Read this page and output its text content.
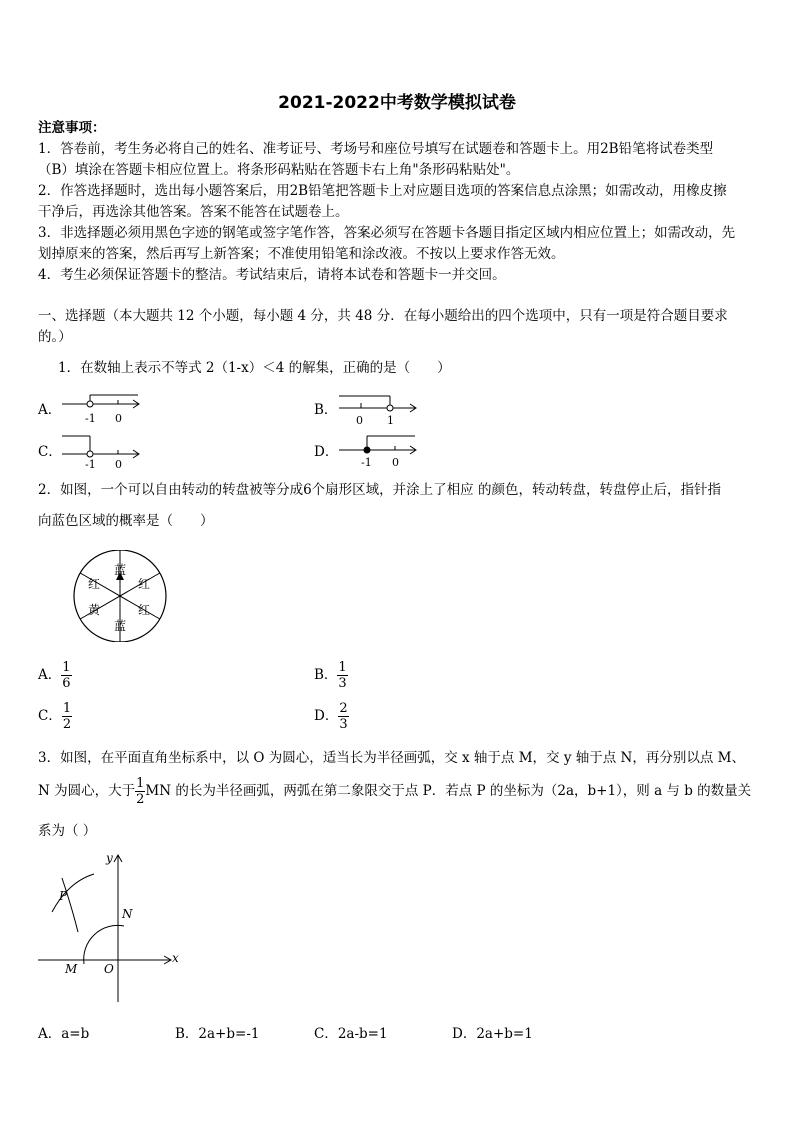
2021-2022中考数学模拟试卷
注意事项：
1．答卷前，考生务必将自己的姓名、准考证号、考场号和座位号填写在试题卷和答题卡上。用2B铅笔将试卷类型
（B）填涂在答题卡相应位置上。将条形码粘贴在答题卡右上角"条形码粘贴处"。
2．作答选择题时，选出每小题答案后，用2B铅笔把答题卡上对应题目选项的答案信息点涂黑；如需改动，用橡皮擦
干净后，再选涂其他答案。答案不能答在试题卷上。
3．非选择题必须用黑色字迹的钢笔或签字笔作答，答案必须写在答题卡各题目指定区域内相应位置上；如需改动，先
划掉原来的答案，然后再写上新答案；不准使用铅笔和涂改液。不按以上要求作答无效。
4．考生必须保证答题卡的整洁。考试结束后，请将本试卷和答题卡一并交回。
一、选择题（本大题共 12 个小题，每小题 4 分，共 48 分．在每小题给出的四个选项中，只有一项是符合题目要求
的。）
1．在数轴上表示不等式 2（1-x）＜4 的解集，正确的是（　　）
A．
-1 0
B．
0 1
C．
-1 0
D．
-1 0
2．如图，一个可以自由转动的转盘被等分成6个扇形区域，并涂上了相应 的颜色，转动转盘，转盘停止后，指针指
向蓝色区域的概率是（　　）
蓝
红
红
蓝
黄
红
A． $\frac{1}{6}$	B． $\frac{1}{3}$
C． $\frac{1}{2}$	D． $\frac{2}{3}$
3．如图，在平面直角坐标系中，以 O 为圆心，适当长为半径画弧，交 x 轴于点 M，交 y 轴于点 N，再分别以点 M、
N 为圆心，大于 $\frac{1}{2}$ MN 的长为半径画弧，两弧在第二象限交于点 P．若点 P 的坐标为（2a，b+1），则 a 与 b 的数量关
系为（ ）
y
x
P
N
M O
A．a=b	B．2a+b=-1	C．2a-b=1	D．2a+b=1
